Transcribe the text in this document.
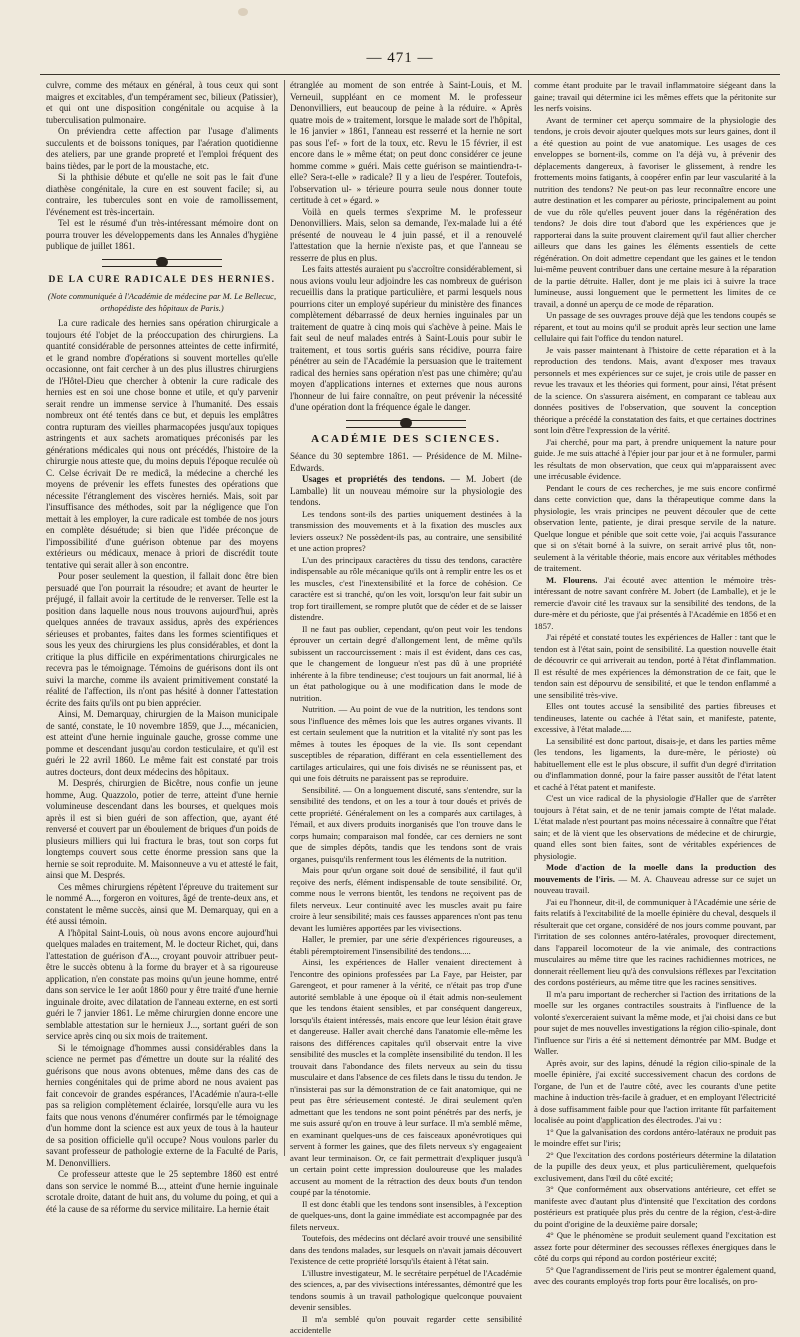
— 471 —

culvre, comme des métaux en général, à tous ceux qui sont maigres et excitables, d'un tempérament sec, bilieux (Patissier), et qui ont une disposition congénitale ou acquise à la tuberculisation pulmonaire.

On préviendra cette affection par l'usage d'aliments succulents et de boissons toniques, par l'aération quotidienne des ateliers, par une grande propreté et l'emploi fréquent des bains tièdes, par le port de la moustache, etc.

Si la phthisie débute et qu'elle ne soit pas le fait d'une diathèse congénitale, la cure en est souvent facile; si, au contraire, les tubercules sont en voie de ramollissement, l'événement est très-incertain.

Tel est le résumé d'un très-intéressant mémoire dont on pourra trouver les développements dans les Annales d'hygiène publique de juillet 1861.

DE LA CURE RADICALE DES HERNIES.
(Note communiquée à l'Académie de médecine par M. Le Bellecuc, orthopédiste des hôpitaux de Paris.)

La cure radicale des hernies sans opération chirurgicale a toujours été l'objet de la préoccupation des chirurgiens. La quantité considérable de personnes atteintes de cette infirmité, et le grand nombre d'opérations si souvent mortelles qu'elle occasionne, ont fait cercher à un des plus illustres chirurgiens de l'Hôtel-Dieu que chercher à obtenir la cure radicale des hernies est en soi une chose bonne et utile, et qu'y parvenir serait rendre un immense service à l'humanité. Des essais nombreux ont été tentés dans ce but, et depuis les emplâtres contra rupturam des vieilles pharmacopées jusqu'aux topiques astringents et aux sachets aromatiques préconisés par les générations médicales qui nous ont précédés, l'histoire de la chirurgie nous atteste que, du moins depuis l'époque reculée où C. Celse écrivait De re medicâ, la médecine a cherché les moyens de prévenir les effets funestes des opérations que nécessite l'étranglement des viscères herniés. Mais, soit par l'insuffisance des méthodes, soit par la négligence que l'on mettait à les employer, la cure radicale est tombée de nos jours en complète désuétude; si bien que l'idée préconçue de l'impossibilité d'une guérison obtenue par des moyens extérieurs ou médicaux, menace à priori de discrédit toute tentative qui serait aller à son encontre.

Pour poser seulement la question, il fallait donc être bien persuadé que l'on pourrait la résoudre; et avant de heurter le préjugé, il fallait avoir la certitude de le renverser. Telle est la position dans laquelle nous nous trouvons aujourd'hui, après quelques années de travaux assidus, après des expériences sérieuses et probantes, faites dans les formes scientifiques et sous les yeux des chirurgiens les plus considérables, et dont la critique la plus difficile en expérimentations chirurgicales ne recevra pas le témoignage. Témoins de guérisons dont ils ont suivi la marche, comme ils avaient primitivement constaté la réalité de l'affection, ils n'ont pas hésité à donner l'attestation écrite des faits qu'ils ont pu bien apprécier.

Ainsi, M. Demarquay, chirurgien de la Maison municipale de santé, constate, le 10 novembre 1859, que J..., mécanicien, est atteint d'une hernie inguinale gauche, grosse comme une pomme et descendant jusqu'au cordon testiculaire, et qu'il est guéri le 22 avril 1860. Le même fait est constaté par trois autres docteurs, dont deux médecins des hôpitaux.

M. Després, chirurgien de Bicêtre, nous confie un jeune homme, Aug. Quazzolo, potier de terre, atteint d'une hernie volumineuse descendant dans les bourses, et quelques mois après il est si bien guéri de son affection, que, ayant été renversé et couvert par un éboulement de briques d'un poids de plusieurs milliers qui lui fractura le bras, tout son corps fut longtemps couvert sous cette énorme pression sans que la hernie se soit reproduite. M. Maisonneuve a vu et attesté le fait, ainsi que M. Després.

Ces mêmes chirurgiens répètent l'épreuve du traitement sur le nommé A..., forgeron en voitures, âgé de trente-deux ans, et constatent le même succès, ainsi que M. Demarquay, qui en a été aussi témoin.

A l'hôpital Saint-Louis, où nous avons encore aujourd'hui quelques malades en traitement, M. le docteur Richet, qui, dans l'attestation de guérison d'A..., croyant pouvoir attribuer peut-être le succès obtenu à la forme du brayer et à sa rigoureuse application, n'en constate pas moins qu'un jeune homme, entré dans son service le 1er août 1860 pour y être traité d'une hernie inguinale droite, avec dilatation de l'anneau externe, en est sorti guéri le 7 janvier 1861. Le même chirurgien donne encore une semblable attestation sur le hernieux J..., sortant guéri de son service après cinq ou six mois de traitement.

Si le témoignage d'hommes aussi considérables dans la science ne permet pas d'émettre un doute sur la réalité des guérisons que nous avons obtenues, même dans des cas de hernies congénitales qui de prime abord ne nous avaient pas fait concevoir de grandes espérances, l'Académie n'aura-t-elle pas sa religion complètement éclairée, lorsqu'elle aura vu les faits que nous venons d'énumérer confirmés par le témoignage d'un homme dont la science est aux yeux de tous à la hauteur de sa position officielle qu'il occupe? Nous voulons parler du savant professeur de pathologie externe de la Faculté de Paris, M. Denonvilliers.

Ce professeur atteste que le 25 septembre 1860 est entré dans son service le nommé B..., atteint d'une hernie inguinale scrotale droite, datant de huit ans, du volume du poing, et qui a été la cause de sa réforme du service militaire. La hernie était

étranglée au moment de son entrée à Saint-Louis, et M. Verneuil, suppléant en ce moment M. le professeur Denonvilliers, eut beaucoup de peine à la réduire. « Après quatre mois de » traitement, lorsque le malade sort de l'hôpital, le 16 janvier » 1861, l'anneau est resserré et la hernie ne sort pas sous l'ef- » fort de la toux, etc. Revu le 15 février, il est encore dans le » même état; on peut donc considérer ce jeune homme comme » guéri. Mais cette guérison se maintiendra-t-elle? Sera-t-elle » radicale? Il y a lieu de l'espérer. Toutefois, l'observation ul- » térieure pourra seule nous donner toute certitude à cet » égard. »

Voilà en quels termes s'exprime M. le professeur Denonvilliers. Mais, selon sa demande, l'ex-malade lui a été présenté de nouveau le 4 juin passé, et il a renouvelé l'attestation que la hernie n'existe pas, et que l'anneau se resserre de plus en plus.

Les faits attestés auraient pu s'accroître considérablement, si nous avions voulu leur adjoindre les cas nombreux de guérison recueillis dans la pratique particulière, et parmi lesquels nous pourrions citer un employé supérieur du ministère des finances complètement débarrassé de deux hernies inguinales par un traitement de quatre à cinq mois qui s'achève à peine. Mais le fait seul de neuf malades entrés à Saint-Louis pour subir le traitement, et tous sortis guéris sans récidive, pourra faire pénétrer au sein de l'Académie la persuasion que le traitement radical des hernies sans opération n'est pas une chimère; qu'au moyen d'applications internes et externes que nous aurons l'honneur de lui faire connaître, on peut prévenir la nécessité d'une opération dont la fréquence égale le danger.

ACADÉMIE DES SCIENCES.

Séance du 30 septembre 1861. — Présidence de M. Milne-Edwards.

Usages et propriétés des tendons. — M. Jobert (de Lamballe) lit un nouveau mémoire sur la physiologie des tendons.

Les tendons sont-ils des parties uniquement destinées à la transmission des mouvements et à la fixation des muscles aux leviers osseux? Ne possèdent-ils pas, au contraire, une sensibilité et une action propres?

L'un des principaux caractères du tissu des tendons, caractère indispensable au rôle mécanique qu'ils ont à remplir entre les os et les muscles, c'est l'inextensibilité et la force de cohésion. Ce caractère est si tranché, qu'on les voit, lorsqu'on leur fait subir un trop fort tiraillement, se rompre plutôt que de céder et de se laisser distendre.

Il ne faut pas oublier, cependant, qu'on peut voir les tendons éprouver un certain degré d'allongement lent, de même qu'ils subissent un raccourcissement : mais il est évident, dans ces cas, que le changement de longueur n'est pas dû à une propriété inhérente à la fibre tendineuse; c'est toujours un fait anormal, lié à un état pathologique ou à une modification dans le mode de nutrition.

Nutrition. — Au point de vue de la nutrition, les tendons sont sous l'influence des mêmes lois que les autres organes vivants. Il est certain seulement que la nutrition et la vitalité n'y sont pas les mêmes à toutes les époques de la vie. Ils sont cependant susceptibles de réparation, différant en cela essentiellement des cartilages articulaires, qui une fois divisés ne se réunissent pas, et qui une fois détruits ne paraissent pas se reproduire.

Sensibilité. — On a longuement discuté, sans s'entendre, sur la sensibilité des tendons, et on les a tour à tour doués et privés de cette propriété. Généralement on les a comparés aux cartilages, à l'émail, et aux divers produits inorganisés que l'on trouve dans le corps humain; comparaison mal fondée, car ces derniers ne sont que de simples dépôts, tandis que les tendons sont de vrais organes, puisqu'ils renferment tous les éléments de la nutrition.

Mais pour qu'un organe soit doué de sensibilité, il faut qu'il reçoive des nerfs, élément indispensable de toute sensibilité. Or, comme nous le verrons bientôt, les tendons ne reçoivent pas de filets nerveux. Leur continuité avec les muscles avait pu faire croire à leur sensibilité; mais ces fausses apparences n'ont pas tenu devant les lumières apportées par les vivisections.

Haller, le premier, par une série d'expériences rigoureuses, a établi péremptoirement l'insensibilité des tendons.....

Ainsi, les expériences de Haller venaient directement à l'encontre des opinions professées par La Faye, par Heister, par Garengeot, et pour ramener à la vérité, ce n'était pas trop d'une autorité semblable à une époque où il était admis non-seulement que les tendons étaient sensibles, et par conséquent dangereux, lorsqu'ils étaient intéressés, mais encore que leur lésion était grave et dangereuse. Haller avait cherché dans l'anatomie elle-même les raisons des différences capitales qu'il observait entre la vive sensibilité des muscles et la complète insensibilité du tendon. Il les trouvait dans l'abondance des filets nerveux au sein du tissu musculaire et dans l'absence de ces filets dans le tissu du tendon. Je n'insisterai pas sur la démonstration de ce fait anatomique, qui ne peut pas être sérieusement contesté. Je dirai seulement qu'en admettant que les tendons ne sont point pénétrés par des nerfs, je me suis assuré qu'on en trouve à leur surface. Il m'a semblé même, en examinant quelques-uns de ces faisceaux aponévrotiques qui servent à former les gaines, que des filets nerveux s'y engageaient avant leur terminaison. Or, ce fait permettrait d'expliquer jusqu'à un certain point cette impression douloureuse que les malades accusent au moment de la rétraction des deux bouts d'un tendon coupé par la ténotomie.

Il est donc établi que les tendons sont insensibles, à l'exception de quelques-uns, dont la gaine immédiate est accompagnée par des filets nerveux.

Toutefois, des médecins ont déclaré avoir trouvé une sensibilité dans des tendons malades, sur lesquels on n'avait jamais découvert l'existence de cette propriété lorsqu'ils étaient à l'état sain.

L'illustre investigateur, M. le secrétaire perpétuel de l'Académie des sciences, a, par des vivisections intéressantes, démontré que les tendons soumis à un travail pathologique quelconque pouvaient devenir sensibles.

Il m'a semblé qu'on pouvait regarder cette sensibilité accidentelle

comme étant produite par le travail inflammatoire siégeant dans la gaine; travail qui détermine ici les mêmes effets que la péritonite sur les nerfs voisins.

Avant de terminer cet aperçu sommaire de la physiologie des tendons, je crois devoir ajouter quelques mots sur leurs gaines, dont il a été question au point de vue anatomique. Les usages de ces enveloppes se bornent-ils, comme on l'a déjà vu, à prévenir des déplacements dangereux, à favoriser le glissement, à rendre les frottements moins fatigants, à coopérer enfin par leur vascularité à la nutrition des tendons? Ne peut-on pas leur reconnaître encore une autre destination et les comparer au périoste, principalement au point de vue du rôle qu'elles peuvent jouer dans la régénération des tendons? Je dois dire tout d'abord que les expériences que je rapporterai dans la suite prouvent clairement qu'il faut allier chercher ailleurs que dans les gaines les éléments essentiels de cette régénération. On doit admettre cependant que les gaines et le tendon lui-même peuvent contribuer dans une certaine mesure à la réparation de la partie détruite. Haller, dont je me plais ici à suivre la trace lumineuse, aussi longuement que le permettent les limites de ce travail, a donné un aperçu de ce mode de réparation.

Un passage de ses ouvrages prouve déjà que les tendons coupés se réparent, et tout au moins qu'il se produit après leur section une lame cellulaire qui fait l'office du tendon naturel.

Je vais passer maintenant à l'histoire de cette réparation et à la reproduction des tendons. Mais, avant d'exposer mes travaux personnels et mes expériences sur ce sujet, je crois utile de passer en revue les travaux et les théories qui forment, pour ainsi, l'état présent de la science. On s'assurera aisément, en comparant ce tableau aux données positives de l'observation, que souvent la conception théorique a précédé la constatation des faits, et que certaines doctrines sont loin d'être l'expression de la vérité.

J'ai cherché, pour ma part, à prendre uniquement la nature pour guide. Je me suis attaché à l'épier jour par jour et à ne formuler, parmi les résultats de mon observation, que ceux qui m'apparaissent avec une irrécusable évidence.

Pendant le cours de ces recherches, je me suis encore confirmé dans cette conviction que, dans la thérapeutique comme dans la physiologie, les vrais principes ne peuvent découler que de cette observation lente, patiente, je dirai presque servile de la nature. Quelque longue et pénible que soit cette voie, j'ai acquis l'assurance que si on s'était borné à la suivre, on serait arrivé plus tôt, non-seulement à la véritable théorie, mais encore aux véritables méthodes de traitement.

M. Flourens. J'ai écouté avec attention le mémoire très-intéressant de notre savant confrère M. Jobert (de Lamballe), et je le remercie d'avoir cité les travaux sur la sensibilité des tendons, de la dure-mère et du périoste, que j'ai présentés à l'Académie en 1856 et en 1857.

J'ai répété et constaté toutes les expériences de Haller : tant que le tendon est à l'état sain, point de sensibilité. La question nouvelle était de découvrir ce qui arriverait au tendon, porté à l'état d'inflammation. Il est résulté de mes expériences la démonstration de ce fait, que le tendon sain est dépourvu de sensibilité, et que le tendon enflammé a une sensibilité très-vive.

Elles ont toutes accusé la sensibilité des parties fibreuses et tendineuses, latente ou cachée à l'état sain, et manifeste, patente, excessive, à l'état malade.....

La sensibilité est donc partout, disais-je, et dans les parties même (les tendons, les ligaments, la dure-mère, le périoste) où habituellement elle est le plus obscure, il suffit d'un degré d'irritation ou d'inflammation donné, pour la faire passer aussitôt de l'état latent et caché à l'état patent et manifeste.

C'est un vice radical de la physiologie d'Haller que de s'arrêter toujours à l'état sain, et de ne tenir jamais compte de l'état malade. L'état malade n'est pourtant pas moins nécessaire à connaître que l'état sain; et de là vient que les observations de médecine et de chirurgie, quand elles sont bien faites, sont de véritables expériences de physiologie.

Mode d'action de la moelle dans la production des mouvements de l'iris. — M. A. Chauveau adresse sur ce sujet un nouveau travail.

J'ai eu l'honneur, dit-il, de communiquer à l'Académie une série de faits relatifs à l'excitabilité de la moelle épinière du cheval, desquels il résulterait que cet organe, considéré de nos jours comme pouvant, par l'irritation de ses colonnes antéro-latérales, provoquer directement, dans l'appareil locomoteur de la vie animale, des contractions musculaires au même titre que les racines rachidiennes motrices, ne donnerait réellement lieu qu'à des convulsions réflexes par l'excitation des cordons postérieurs, au même titre que les racines sensitives.

Il m'a paru important de rechercher si l'action des irritations de la moelle sur les organes contractiles soustraits à l'influence de la volonté s'exerceraient suivant la même mode, et j'ai choisi dans ce but pour sujet de mes nouvelles investigations la région cilio-spinale, dont l'influence sur l'iris a été si nettement démontrée par MM. Budge et Waller.

Après avoir, sur des lapins, dénudé la région cilio-spinale de la moelle épinière, j'ai excité successivement chacun des cordons de l'organe, de l'un et de l'autre côté, avec les courants d'une petite machine à induction très-facile à graduer, et en employant l'électricité à dose suffisamment faible pour que l'action irritante fût parfaitement localisée au point d'application des électrodes. J'ai vu :

1° Que la galvanisation des cordons antéro-latéraux ne produit pas le moindre effet sur l'iris;

2° Que l'excitation des cordons postérieurs détermine la dilatation de la pupille des deux yeux, et plus particulièrement, quelquefois exclusivement, dans l'œil du côté excité;

3° Que conformément aux observations antérieure, cet effet se manifeste avec d'autant plus d'intensité que l'excitation des cordons postérieurs est pratiquée plus près du centre de la région, c'est-à-dire du point d'origine de la deuxième paire dorsale;

4° Que le phénomène se produit seulement quand l'excitation est assez forte pour déterminer des secousses réflexes énergiques dans le côté du corps qui répond au cordon postérieur excité;

5° Que l'agrandissement de l'iris peut se montrer également quand, avec des courants employés trop forts pour être localisés, on pro-
